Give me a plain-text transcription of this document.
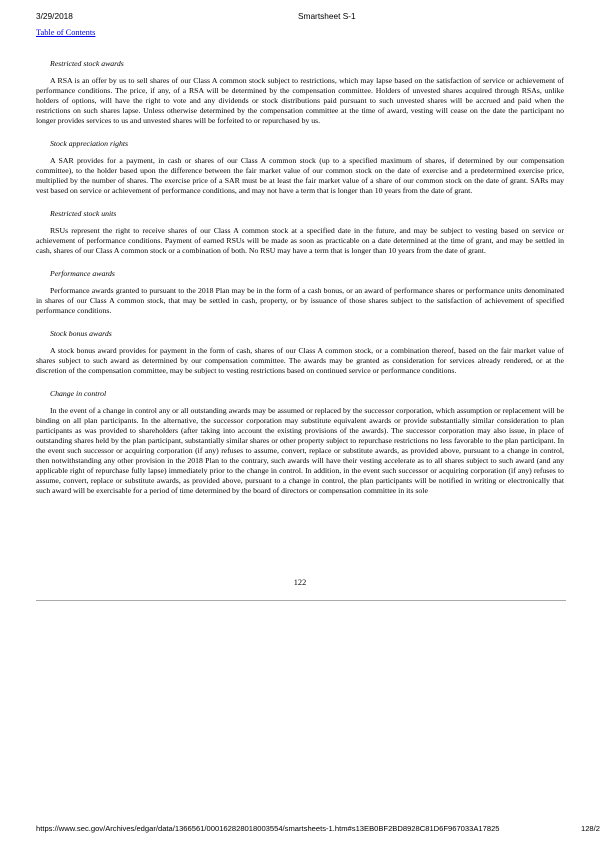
3/29/2018	Smartsheet S-1
Table of Contents

Restricted stock awards

A RSA is an offer by us to sell shares of our Class A common stock subject to restrictions, which may lapse based on the satisfaction of service or achievement of performance conditions. The price, if any, of a RSA will be determined by the compensation committee. Holders of unvested shares acquired through RSAs, unlike holders of options, will have the right to vote and any dividends or stock distributions paid pursuant to such unvested shares will be accrued and paid when the restrictions on such shares lapse. Unless otherwise determined by the compensation committee at the time of award, vesting will cease on the date the participant no longer provides services to us and unvested shares will be forfeited to or repurchased by us.

Stock appreciation rights

A SAR provides for a payment, in cash or shares of our Class A common stock (up to a specified maximum of shares, if determined by our compensation committee), to the holder based upon the difference between the fair market value of our common stock on the date of exercise and a predetermined exercise price, multiplied by the number of shares. The exercise price of a SAR must be at least the fair market value of a share of our common stock on the date of grant. SARs may vest based on service or achievement of performance conditions, and may not have a term that is longer than 10 years from the date of grant.

Restricted stock units

RSUs represent the right to receive shares of our Class A common stock at a specified date in the future, and may be subject to vesting based on service or achievement of performance conditions. Payment of earned RSUs will be made as soon as practicable on a date determined at the time of grant, and may be settled in cash, shares of our Class A common stock or a combination of both. No RSU may have a term that is longer than 10 years from the date of grant.

Performance awards

Performance awards granted to pursuant to the 2018 Plan may be in the form of a cash bonus, or an award of performance shares or performance units denominated in shares of our Class A common stock, that may be settled in cash, property, or by issuance of those shares subject to the satisfaction of achievement of specified performance conditions.

Stock bonus awards

A stock bonus award provides for payment in the form of cash, shares of our Class A common stock, or a combination thereof, based on the fair market value of shares subject to such award as determined by our compensation committee. The awards may be granted as consideration for services already rendered, or at the discretion of the compensation committee, may be subject to vesting restrictions based on continued service or performance conditions.

Change in control

In the event of a change in control any or all outstanding awards may be assumed or replaced by the successor corporation, which assumption or replacement will be binding on all plan participants. In the alternative, the successor corporation may substitute equivalent awards or provide substantially similar consideration to plan participants as was provided to shareholders (after taking into account the existing provisions of the awards). The successor corporation may also issue, in place of outstanding shares held by the plan participant, substantially similar shares or other property subject to repurchase restrictions no less favorable to the plan participant. In the event such successor or acquiring corporation (if any) refuses to assume, convert, replace or substitute awards, as provided above, pursuant to a change in control, then notwithstanding any other provision in the 2018 Plan to the contrary, such awards will have their vesting accelerate as to all shares subject to such award (and any applicable right of repurchase fully lapse) immediately prior to the change in control. In addition, in the event such successor or acquiring corporation (if any) refuses to assume, convert, replace or substitute awards, as provided above, pursuant to a change in control, the plan participants will be notified in writing or electronically that such award will be exercisable for a period of time determined by the board of directors or compensation committee in its sole

122
https://www.sec.gov/Archives/edgar/data/1366561/000162828018003554/smartsheets-1.htm#s13EB0BF2BD8928C81D6F967033A17825	128/2
